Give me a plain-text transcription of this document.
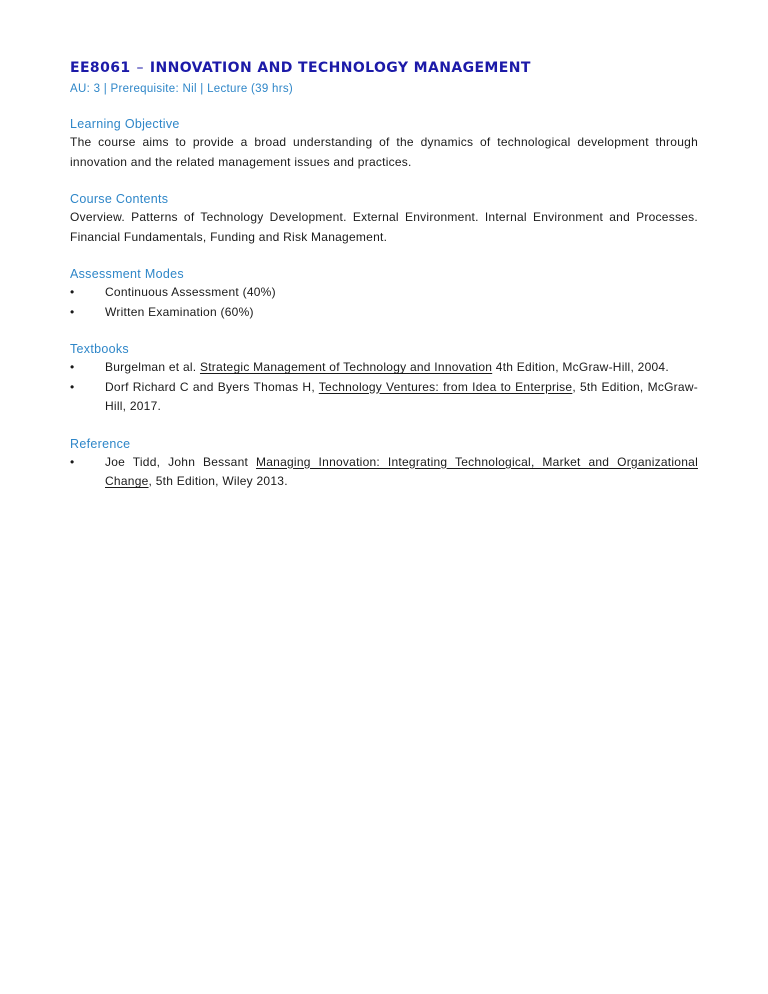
EE8061 – INNOVATION AND TECHNOLOGY MANAGEMENT
AU: 3 | Prerequisite: Nil | Lecture (39 hrs)
Learning Objective

The course aims to provide a broad understanding of the dynamics of technological development through innovation and the related management issues and practices.

Course Contents

Overview. Patterns of Technology Development. External Environment. Internal Environment and Processes. Financial Fundamentals, Funding and Risk Management.

Assessment Modes
•	Continuous Assessment (40%)
•	Written Examination (60%)
Textbooks
•	Burgelman et al. Strategic Management of Technology and Innovation 4th Edition, McGraw-Hill, 2004.
•	Dorf Richard C and Byers Thomas H, Technology Ventures: from Idea to Enterprise, 5th Edition, McGraw-Hill, 2017.
Reference
•	Joe Tidd, John Bessant Managing Innovation: Integrating Technological, Market and Organizational Change, 5th Edition, Wiley 2013.
